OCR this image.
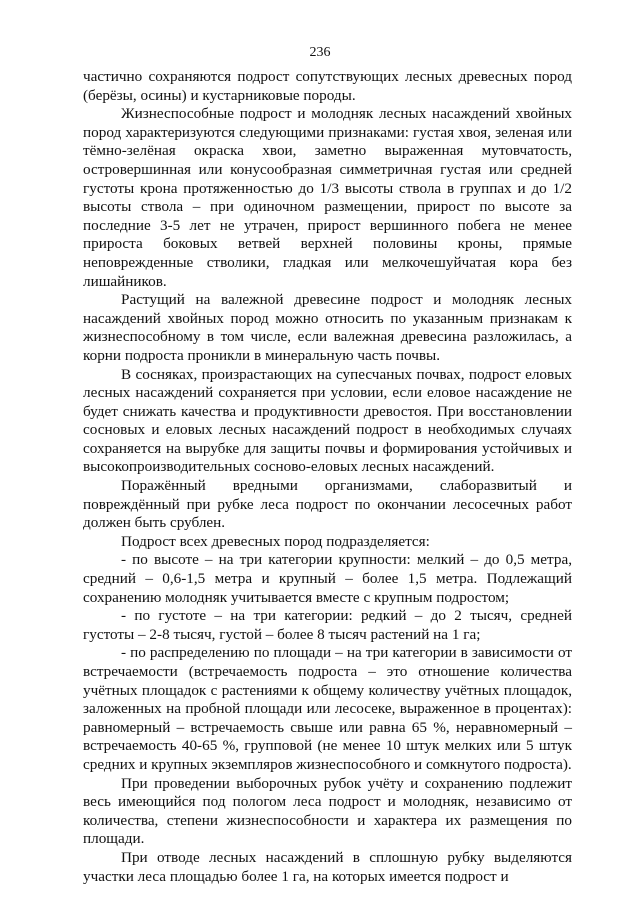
236

частично сохраняются подрост сопутствующих лесных древесных пород (берёзы, осины) и кустарниковые породы.

Жизнеспособные подрост и молодняк лесных насаждений хвойных пород характеризуются следующими признаками: густая хвоя, зеленая или тёмно-зелёная окраска хвои, заметно выраженная мутовчатость, островершинная или конусообразная симметричная густая или средней густоты крона протяженностью до 1/3 высоты ствола в группах и до 1/2 высоты ствола – при одиночном размещении, прирост по высоте за последние 3-5 лет не утрачен, прирост вершинного побега не менее прироста боковых ветвей верхней половины кроны, прямые неповрежденные стволики, гладкая или мелкочешуйчатая кора без лишайников.

Растущий на валежной древесине подрост и молодняк лесных насаждений хвойных пород можно относить по указанным признакам к жизнеспособному в том числе, если валежная древесина разложилась, а корни подроста проникли в минеральную часть почвы.

В сосняках, произрастающих на супесчаных почвах, подрост еловых лесных насаждений сохраняется при условии, если еловое насаждение не будет снижать качества и продуктивности древостоя. При восстановлении сосновых и еловых лесных насаждений подрост в необходимых случаях сохраняется на вырубке для защиты почвы и формирования устойчивых и высокопроизводительных сосново-еловых лесных насаждений.

Поражённый вредными организмами, слаборазвитый и повреждённый при рубке леса подрост по окончании лесосечных работ должен быть срублен.

Подрост всех древесных пород подразделяется:

- по высоте – на три категории крупности: мелкий – до 0,5 метра, средний – 0,6-1,5 метра и крупный – более 1,5 метра. Подлежащий сохранению молодняк учитывается вместе с крупным подростом;

- по густоте – на три категории: редкий – до 2 тысяч, средней густоты – 2-8 тысяч, густой – более 8 тысяч растений на 1 га;

- по распределению по площади – на три категории в зависимости от встречаемости (встречаемость подроста – это отношение количества учётных площадок с растениями к общему количеству учётных площадок, заложенных на пробной площади или лесосеке, выраженное в процентах): равномерный – встречаемость свыше или равна 65 %, неравномерный – встречаемость 40-65 %, групповой (не менее 10 штук мелких или 5 штук средних и крупных экземпляров жизнеспособного и сомкнутого подроста).

При проведении выборочных рубок учёту и сохранению подлежит весь имеющийся под пологом леса подрост и молодняк, независимо от количества, степени жизнеспособности и характера их размещения по площади.

При отводе лесных насаждений в сплошную рубку выделяются участки леса площадью более 1 га, на которых имеется подрост и
